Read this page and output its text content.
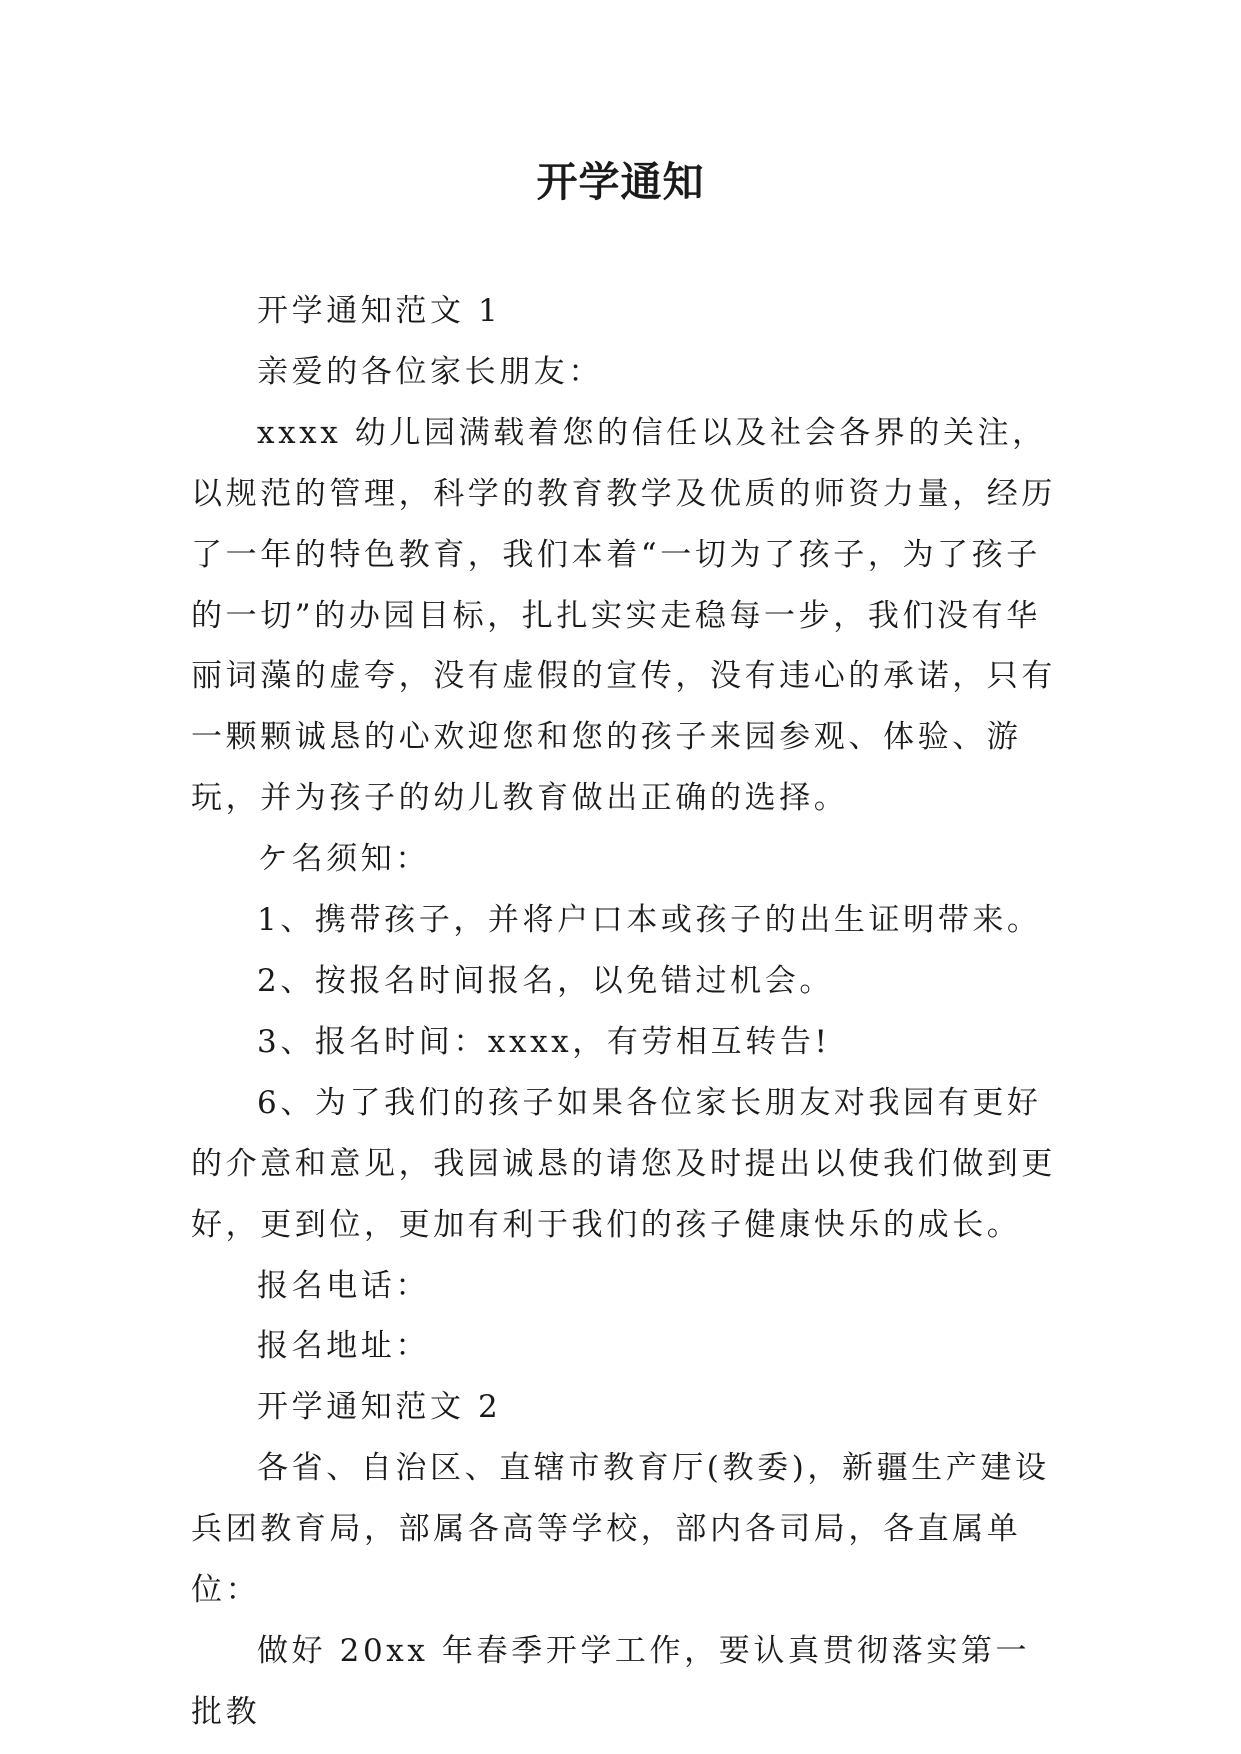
开学通知

开学通知范文 1

亲爱的各位家长朋友：

xxxx 幼儿园满载着您的信任以及社会各界的关注，以规范的管理，科学的教育教学及优质的师资力量，经历了一年的特色教育，我们本着“一切为了孩子，为了孩子的一切”的办园目标，扎扎实实走稳每一步，我们没有华丽词藻的虚夸，没有虚假的宣传，没有违心的承诺，只有一颗颗诚恳的心欢迎您和您的孩子来园参观、体验、游玩，并为孩子的幼儿教育做出正确的选择。

ケ名须知：

1、携带孩子，并将户口本或孩子的出生证明带来。

2、按报名时间报名，以免错过机会。

3、报名时间：xxxx，有劳相互转告!

6、为了我们的孩子如果各位家长朋友对我园有更好的介意和意见，我园诚恳的请您及时提出以使我们做到更好，更到位，更加有利于我们的孩子健康快乐的成长。

报名电话：

报名地址：

开学通知范文 2

各省、自治区、直辖市教育厅(教委)，新疆生产建设兵团教育局，部属各高等学校，部内各司局，各直属单位：

做好 20xx 年春季开学工作，要认真贯彻落实第一批教
